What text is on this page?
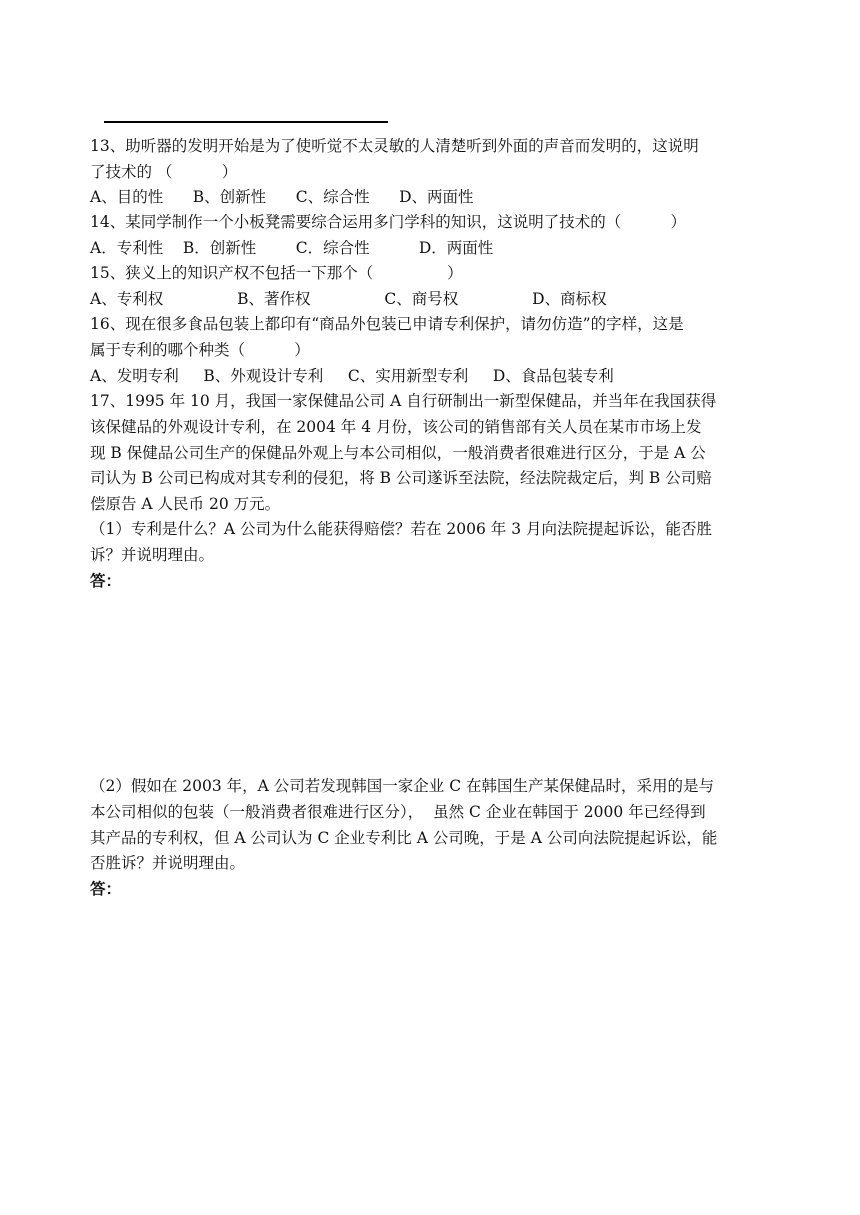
13、助听器的发明开始是为了使听觉不太灵敏的人清楚听到外面的声音而发明的，这说明
了技术的 （          ）
A、目的性      B、创新性      C、综合性      D、两面性
14、某同学制作一个小板凳需要综合运用多门学科的知识，这说明了技术的（          ）
A．专利性    B．创新性        C．综合性          D．两面性
15、狭义上的知识产权不包括一下那个（               ）
A、专利权               B、著作权               C、商号权               D、商标权
16、现在很多食品包装上都印有“商品外包装已申请专利保护，请勿仿造”的字样，这是
属于专利的哪个种类（          ）
A、发明专利     B、外观设计专利     C、实用新型专利     D、食品包装专利
17、1995 年 10 月，我国一家保健品公司 A 自行研制出一新型保健品，并当年在我国获得
该保健品的外观设计专利，在 2004 年 4 月份，该公司的销售部有关人员在某市市场上发
现 B 保健品公司生产的保健品外观上与本公司相似，一般消费者很难进行区分，于是 A 公
司认为 B 公司已构成对其专利的侵犯，将 B 公司遂诉至法院，经法院裁定后，判 B 公司赔
偿原告 A 人民币 20 万元。
（1）专利是什么？A 公司为什么能获得赔偿？若在 2006 年 3 月向法院提起诉讼，能否胜
诉？并说明理由。
答：
（2）假如在 2003 年，A 公司若发现韩国一家企业 C 在韩国生产某保健品时，采用的是与
本公司相似的包装（一般消费者很难进行区分），  虽然 C 企业在韩国于 2000 年已经得到
其产品的专利权，但 A 公司认为 C 企业专利比 A 公司晚，于是 A 公司向法院提起诉讼，能
否胜诉？并说明理由。
答：
